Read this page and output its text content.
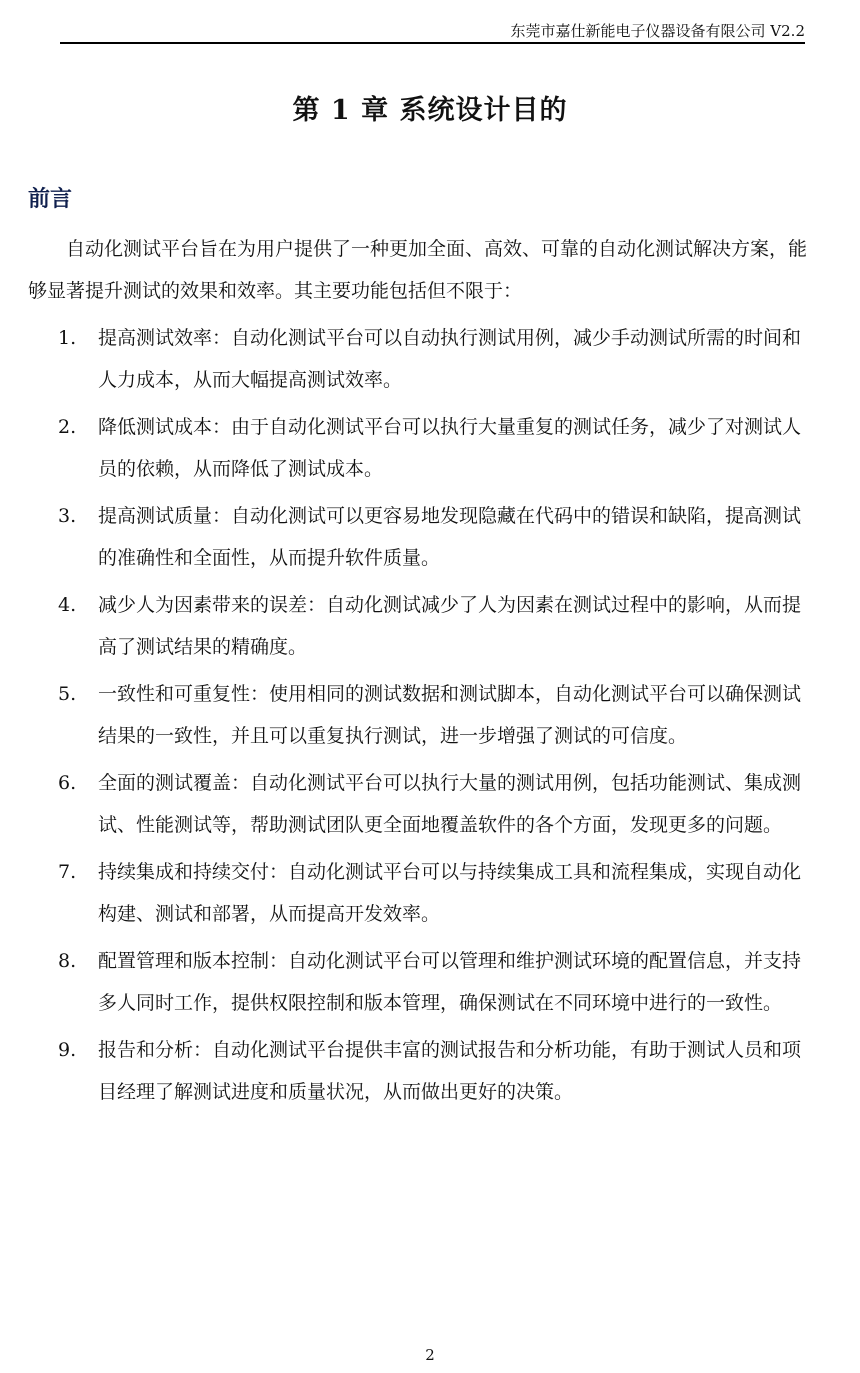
东莞市嘉仕新能电子仪器设备有限公司 V2.2
第 1 章 系统设计目的
前言

自动化测试平台旨在为用户提供了一种更加全面、高效、可靠的自动化测试解决方案，能够显著提升测试的效果和效率。其主要功能包括但不限于：

1. 提高测试效率：自动化测试平台可以自动执行测试用例，减少手动测试所需的时间和人力成本，从而大幅提高测试效率。
2. 降低测试成本：由于自动化测试平台可以执行大量重复的测试任务，减少了对测试人员的依赖，从而降低了测试成本。
3. 提高测试质量：自动化测试可以更容易地发现隐藏在代码中的错误和缺陷，提高测试的准确性和全面性，从而提升软件质量。
4. 减少人为因素带来的误差：自动化测试减少了人为因素在测试过程中的影响，从而提高了测试结果的精确度。
5. 一致性和可重复性：使用相同的测试数据和测试脚本，自动化测试平台可以确保测试结果的一致性，并且可以重复执行测试，进一步增强了测试的可信度。
6. 全面的测试覆盖：自动化测试平台可以执行大量的测试用例，包括功能测试、集成测试、性能测试等，帮助测试团队更全面地覆盖软件的各个方面，发现更多的问题。
7. 持续集成和持续交付：自动化测试平台可以与持续集成工具和流程集成，实现自动化构建、测试和部署，从而提高开发效率。
8. 配置管理和版本控制：自动化测试平台可以管理和维护测试环境的配置信息，并支持多人同时工作，提供权限控制和版本管理，确保测试在不同环境中进行的一致性。
9. 报告和分析：自动化测试平台提供丰富的测试报告和分析功能，有助于测试人员和项目经理了解测试进度和质量状况，从而做出更好的决策。
2
